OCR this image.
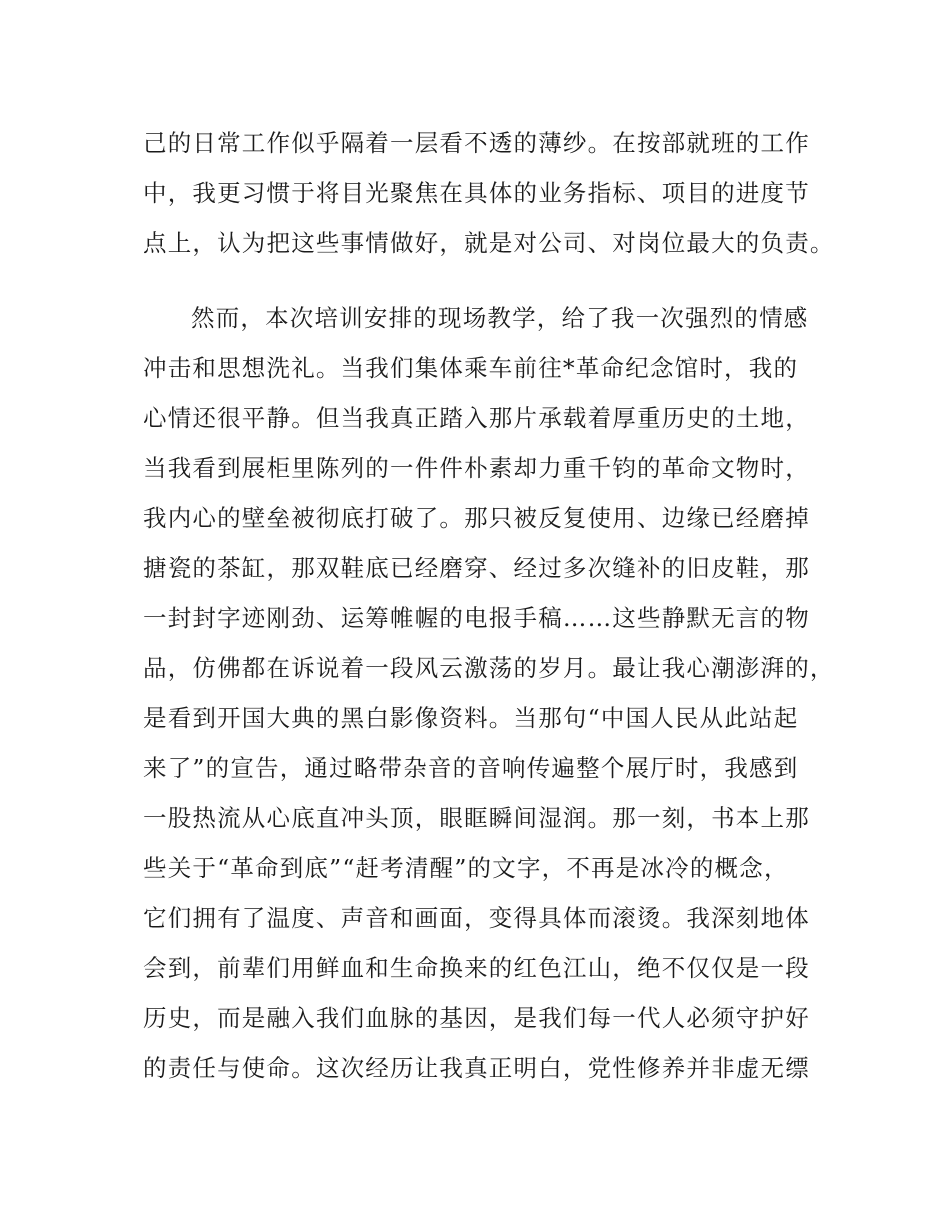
己的日常工作似乎隔着一层看不透的薄纱。在按部就班的工作
中，我更习惯于将目光聚焦在具体的业务指标、项目的进度节
点上，认为把这些事情做好，就是对公司、对岗位最大的负责。
然而，本次培训安排的现场教学，给了我一次强烈的情感
冲击和思想洗礼。当我们集体乘车前往*革命纪念馆时，我的
心情还很平静。但当我真正踏入那片承载着厚重历史的土地，
当我看到展柜里陈列的一件件朴素却力重千钧的革命文物时，
我内心的壁垒被彻底打破了。那只被反复使用、边缘已经磨掉
搪瓷的茶缸，那双鞋底已经磨穿、经过多次缝补的旧皮鞋，那
一封封字迹刚劲、运筹帷幄的电报手稿……这些静默无言的物
品，仿佛都在诉说着一段风云激荡的岁月。最让我心潮澎湃的，
是看到开国大典的黑白影像资料。当那句“中国人民从此站起
来了”的宣告，通过略带杂音的音响传遍整个展厅时，我感到
一股热流从心底直冲头顶，眼眶瞬间湿润。那一刻，书本上那
些关于“革命到底”“赶考清醒”的文字，不再是冰冷的概念，
它们拥有了温度、声音和画面，变得具体而滚烫。我深刻地体
会到，前辈们用鲜血和生命换来的红色江山，绝不仅仅是一段
历史，而是融入我们血脉的基因，是我们每一代人必须守护好
的责任与使命。这次经历让我真正明白，党性修养并非虚无缥
